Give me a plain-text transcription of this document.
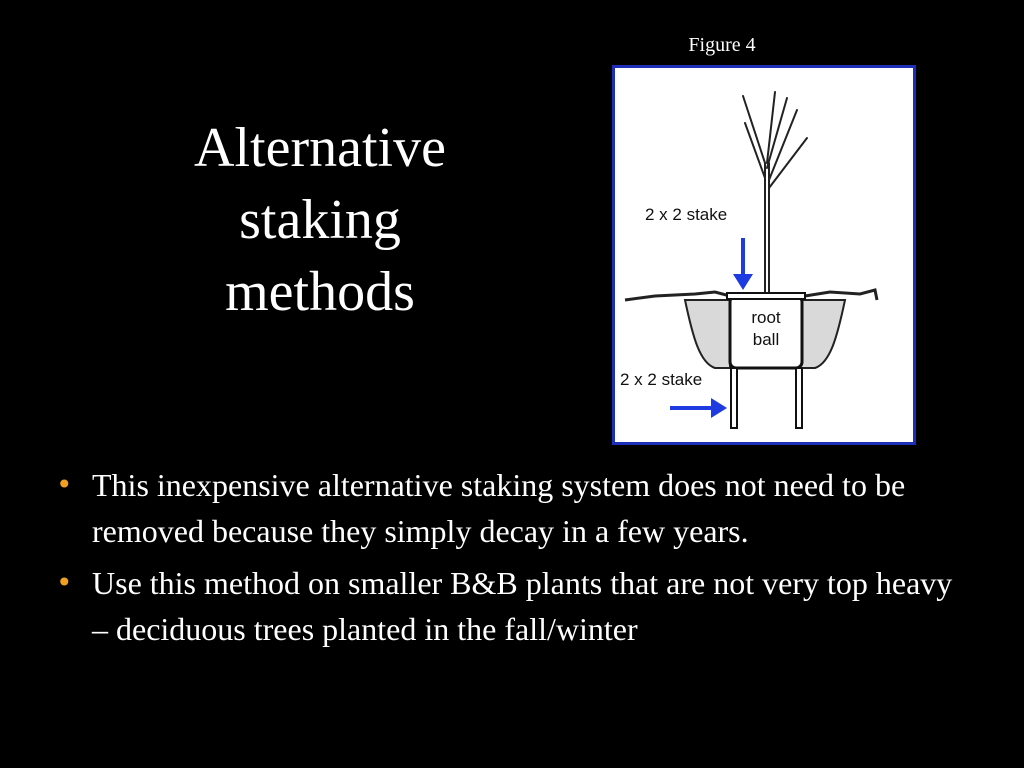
Figure 4
Alternative
staking
methods	root
ball
2 x 2 stake
2 x 2 stake
• This inexpensive alternative staking system does not need to be removed because they simply decay in a few years.
• Use this method on smaller B&B plants that are not very top heavy – deciduous trees planted in the fall/winter
